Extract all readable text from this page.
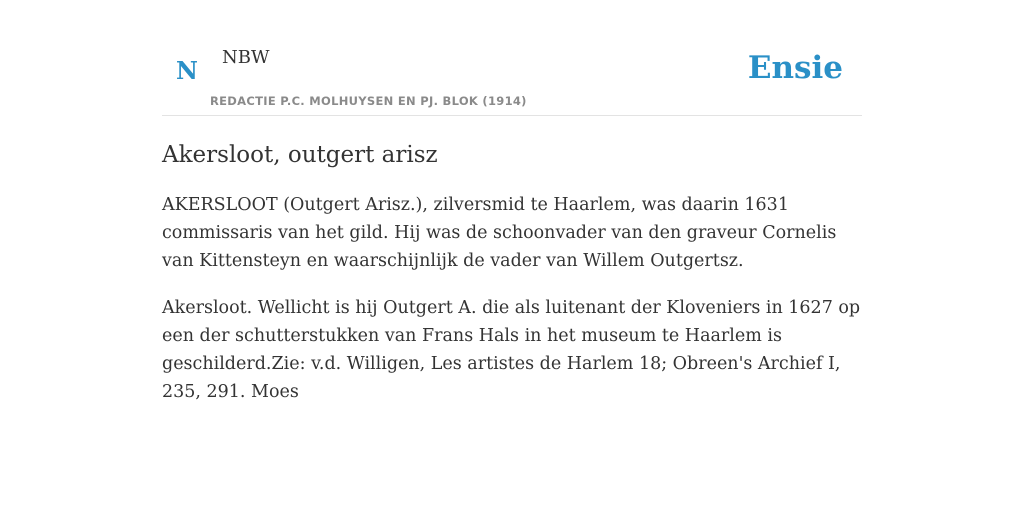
N NBW
REDACTIE P.C. MOLHUYSEN EN PJ. BLOK (1914)
Ensie
Akersloot, outgert arisz

AKERSLOOT (Outgert Arisz.), zilversmid te Haarlem, was daarin 1631 commissaris van het gild. Hij was de schoonvader van den graveur Cornelis van Kittensteyn en waarschijnlijk de vader van Willem Outgertsz.

Akersloot. Wellicht is hij Outgert A. die als luitenant der Kloveniers in 1627 op een der schutterstukken van Frans Hals in het museum te Haarlem is geschilderd.Zie: v.d. Willigen, Les artistes de Harlem 18; Obreen's Archief I, 235, 291. Moes
